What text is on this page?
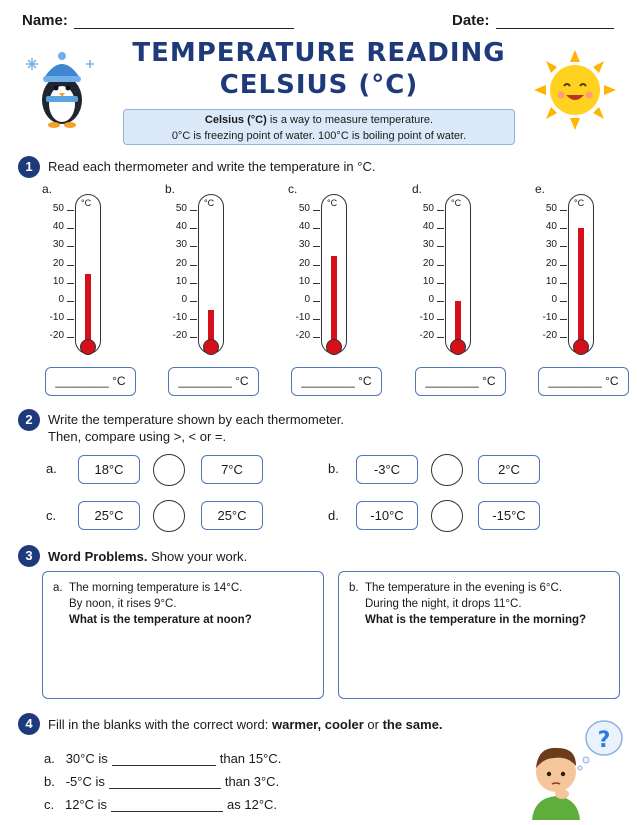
Name:	Date:
TEMPERATURE READING
CELSIUS (°C)
Celsius (°C) is a way to measure temperature.
0°C is freezing point of water. 100°C is boiling point of water.
1	Read each thermometer and write the temperature in °C.
a.
50
40
30
20
10
0
-10
-20
°C
________ °C
b.
50
40
30
20
10
0
-10
-20
°C
________ °C
c.
50
40
30
20
10
0
-10
-20
°C
________ °C
d.
50
40
30
20
10
0
-10
-20
°C
________ °C
e.
50
40
30
20
10
0
-10
-20
°C
________ °C
2	Write the temperature shown by each thermometer.
Then, compare using >, < or =.
a.	18°C	7°C	b.	-3°C	2°C
c.	25°C	25°C	d.	-10°C	-15°C
3	Word Problems. Show your work.
a. The morning temperature is 14°C.
By noon, it rises 9°C.
What is the temperature at noon?
b. The temperature in the evening is 6°C.
During the night, it drops 11°C.
What is the temperature in the morning?
4	Fill in the blanks with the correct word: warmer, cooler or the same.
a. 30°C is	than 15°C.
b. -5°C is	than 3°C.
c. 12°C is	as 12°C.
?
